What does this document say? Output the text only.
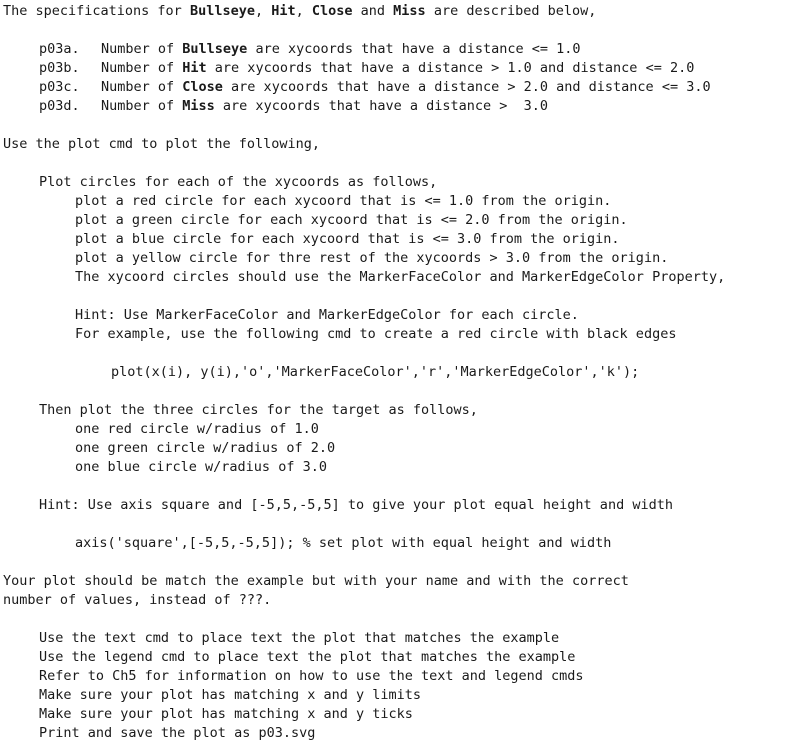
The specifications for Bullseye , Hit , Close and Miss are described below,
p03a.	Number of Bullseye are xycoords that have a distance <= 1.0
p03b.	Number of Hit are xycoords that have a distance > 1.0 and distance <= 2.0
p03c.	Number of Close are xycoords that have a distance > 2.0 and distance <= 3.0
p03d.	Number of Miss are xycoords that have a distance >  3.0
Use the plot cmd to plot the following,
Plot circles for each of the xycoords as follows,
plot a red circle for each xycoord that is <= 1.0 from the origin.
plot a green circle for each xycoord that is <= 2.0 from the origin.
plot a blue circle for each xycoord that is <= 3.0 from the origin.
plot a yellow circle for thre rest of the xycoords > 3.0 from the origin.
The xycoord circles should use the MarkerFaceColor and MarkerEdgeColor Property,
Hint: Use MarkerFaceColor and MarkerEdgeColor for each circle.
For example, use the following cmd to create a red circle with black edges
plot(x(i), y(i),'o','MarkerFaceColor','r','MarkerEdgeColor','k');
Then plot the three circles for the target as follows,
one red circle w/radius of 1.0
one green circle w/radius of 2.0
one blue circle w/radius of 3.0
Hint: Use axis square and [-5,5,-5,5] to give your plot equal height and width
axis('square',[-5,5,-5,5]); % set plot with equal height and width
Your plot should be match the example but with your name and with the correct
number of values, instead of ???.
Use the text cmd to place text the plot that matches the example
Use the legend cmd to place text the plot that matches the example
Refer to Ch5 for information on how to use the text and legend cmds
Make sure your plot has matching x and y limits
Make sure your plot has matching x and y ticks
Print and save the plot as p03.svg
